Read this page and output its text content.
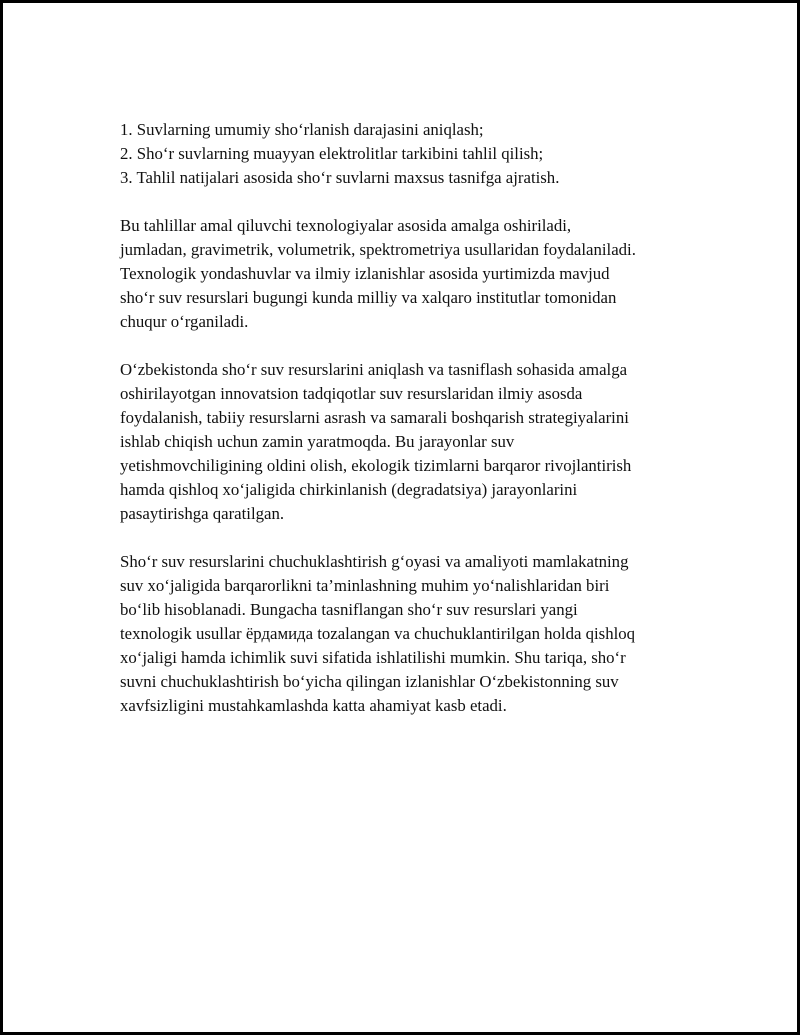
1. Suvlarning umumiy sho‘rlanish darajasini aniqlash;
2. Sho‘r suvlarning muayyan elektrolitlar tarkibini tahlil qilish;
3. Tahlil natijalari asosida sho‘r suvlarni maxsus tasnifga ajratish.

Bu tahlillar amal qiluvchi texnologiyalar asosida amalga oshiriladi,
jumladan, gravimetrik, volumetrik, spektrometriya usullaridan foydalaniladi.
Texnologik yondashuvlar va ilmiy izlanishlar asosida yurtimizda mavjud
sho‘r suv resurslari bugungi kunda milliy va xalqaro institutlar tomonidan
chuqur o‘rganiladi.

O‘zbekistonda sho‘r suv resurslarini aniqlash va tasniflash sohasida amalga
oshirilayotgan innovatsion tadqiqotlar suv resurslaridan ilmiy asosda
foydalanish, tabiiy resurslarni asrash va samarali boshqarish strategiyalarini
ishlab chiqish uchun zamin yaratmoqda. Bu jarayonlar suv
yetishmovchiligining oldini olish, ekologik tizimlarni barqaror rivojlantirish
hamda qishloq xo‘jaligida chirkinlanish (degradatsiya) jarayonlarini
pasaytirishga qaratilgan.

Sho‘r suv resurslarini chuchuklashtirish g‘oyasi va amaliyoti mamlakatning
suv xo‘jaligida barqarorlikni ta’minlashning muhim yo‘nalishlaridan biri
bo‘lib hisoblanadi. Bungacha tasniflangan sho‘r suv resurslari yangi
texnologik usullar ёрдамида tozalangan va chuchuklantirilgan holda qishloq
xo‘jaligi hamda ichimlik suvi sifatida ishlatilishi mumkin. Shu tariqa, sho‘r
suvni chuchuklashtirish bo‘yicha qilingan izlanishlar O‘zbekistonning suv
xavfsizligini mustahkamlashda katta ahamiyat kasb etadi.
